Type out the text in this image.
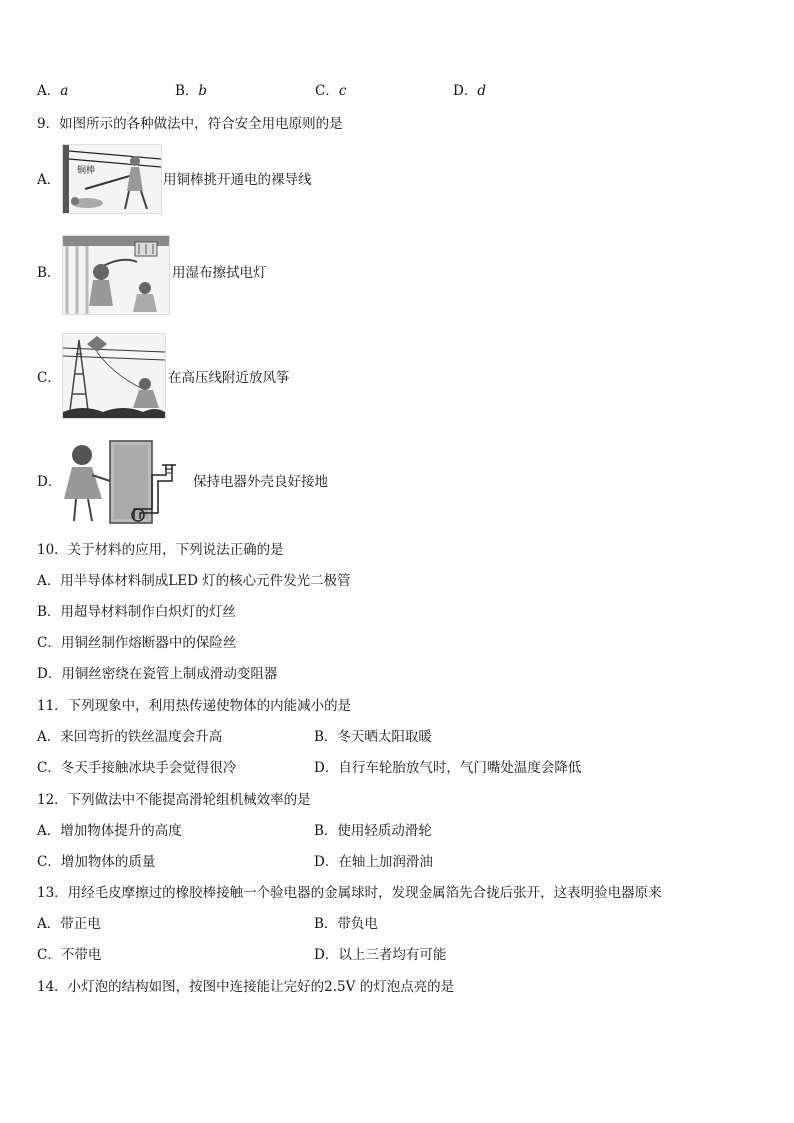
A．a	B．b	C．c	D．d
9．如图所示的各种做法中，符合安全用电原则的是
A．
铜棒
用铜棒挑开通电的裸导线
B．	用湿布擦拭电灯
C．	在高压线附近放风筝
D．	保持电器外壳良好接地
10．关于材料的应用，下列说法正确的是
A．用半导体材料制成LED 灯的核心元件发光二极管
B．用超导材料制作白炽灯的灯丝
C．用铜丝制作熔断器中的保险丝
D．用铜丝密绕在瓷管上制成滑动变阻器
11．下列现象中，利用热传递使物体的内能减小的是
A．来回弯折的铁丝温度会升高	B．冬天晒太阳取暖
C．冬天手接触冰块手会觉得很冷	D．自行车轮胎放气时，气门嘴处温度会降低
12．下列做法中不能提高滑轮组机械效率的是
A．增加物体提升的高度	B．使用轻质动滑轮
C．增加物体的质量	D．在轴上加润滑油
13．用经毛皮摩擦过的橡胶棒接触一个验电器的金属球时，发现金属箔先合拢后张开，这表明验电器原来
A．带正电	B．带负电
C．不带电	D．以上三者均有可能
14．小灯泡的结构如图，按图中连接能让完好的2.5V 的灯泡点亮的是
